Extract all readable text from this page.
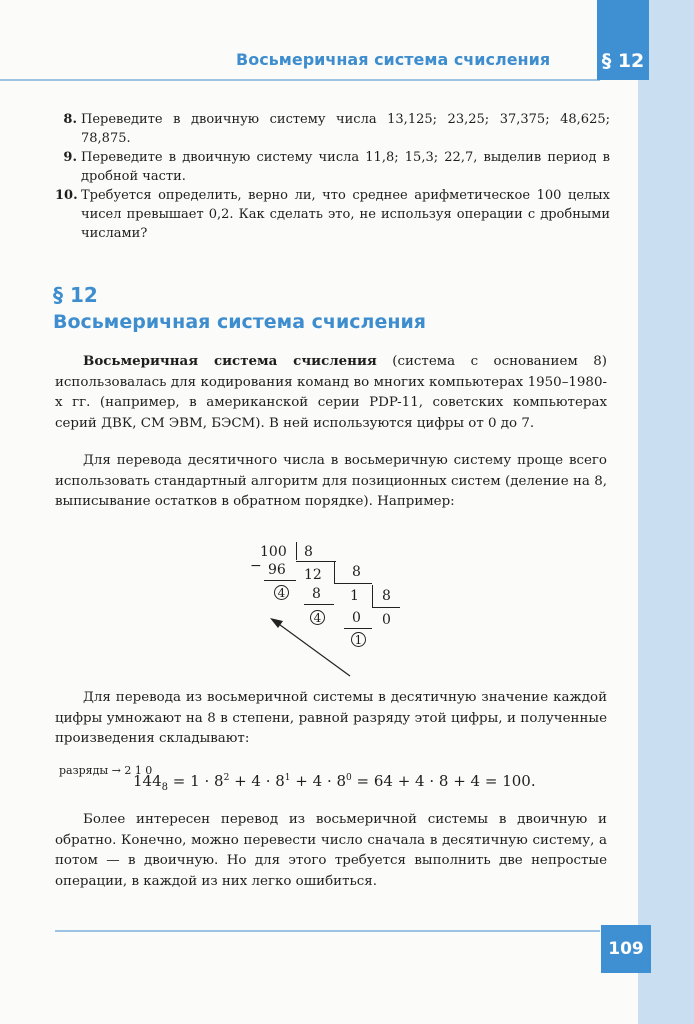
Восьмеричная система счисления	§ 12
8. Переведите в двоичную систему числа 13,125; 23,25; 37,375; 48,625; 78,875.
9. Переведите в двоичную систему числа 11,8; 15,3; 22,7, выделив период в дробной части.
10. Требуется определить, верно ли, что среднее арифметическое 100 целых чисел превышает 0,2. Как сделать это, не используя операции с дробными числами?
§ 12
Восьмеричная система счисления
Восьмеричная система счисления (система с основанием 8) использовалась для кодирования команд во многих компьютерах 1950–1980-х гг. (например, в американской серии PDP-11, советских компьютерах серий ДВК, СМ ЭВМ, БЭСМ). В ней используются цифры от 0 до 7.
Для перевода десятичного числа в восьмеричную систему проще всего использовать стандартный алгоритм для позиционных систем (деление на 8, выписывание остатков в обратном порядке). Например:
−
100 8
96 12 8
4 8 1 8
4 0 0
1
Для перевода из восьмеричной системы в десятичную значение каждой цифры умножают на 8 в степени, равной разряду этой цифры, и полученные произведения складывают:
разряды → 2 1 0
$144_8 = 1 \cdot 8^2 + 4 \cdot 8^1 + 4 \cdot 8^0 = 64 + 4 \cdot 8 + 4 = 100$.
Более интересен перевод из восьмеричной системы в двоичную и обратно. Конечно, можно перевести число сначала в десятичную систему, а потом — в двоичную. Но для этого требуется выполнить две непростые операции, в каждой из них легко ошибиться.
109
